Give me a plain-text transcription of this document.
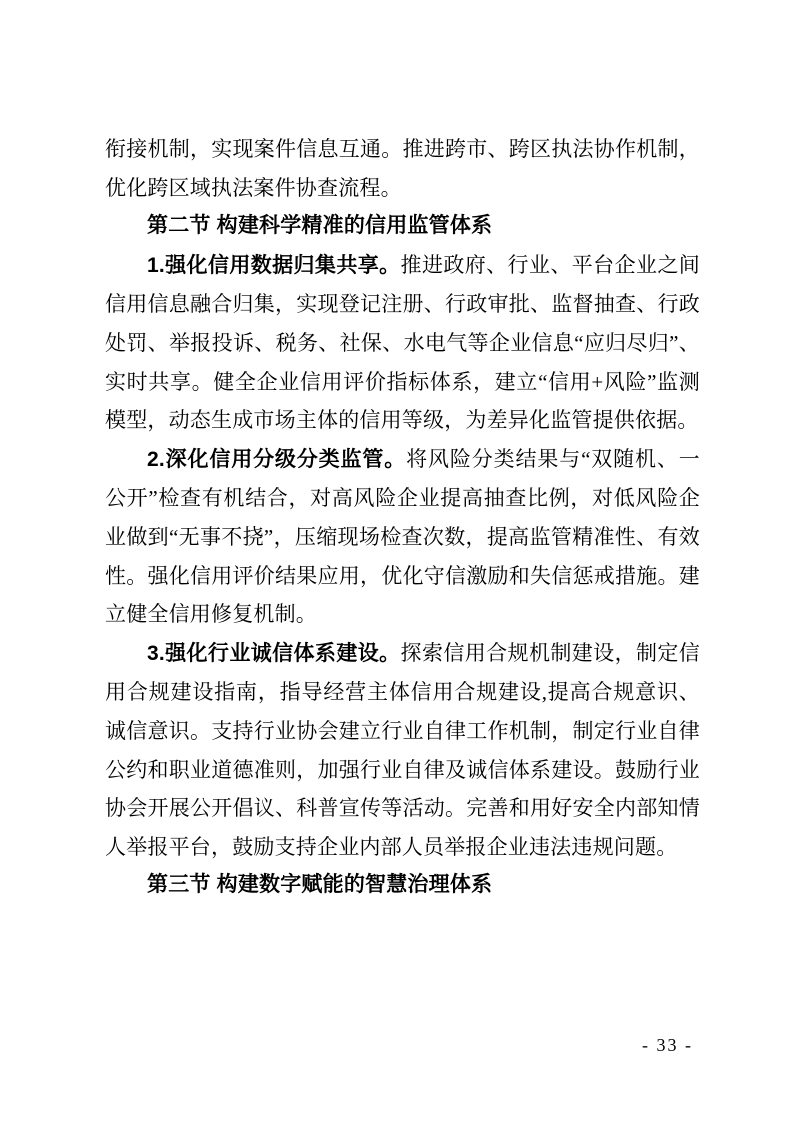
衔接机制，实现案件信息互通。推进跨市、跨区执法协作机制，优化跨区域执法案件协查流程。
第二节 构建科学精准的信用监管体系
1.强化信用数据归集共享。推进政府、行业、平台企业之间信用信息融合归集，实现登记注册、行政审批、监督抽查、行政处罚、举报投诉、税务、社保、水电气等企业信息“应归尽归”、实时共享。健全企业信用评价指标体系，建立“信用+风险”监测模型，动态生成市场主体的信用等级，为差异化监管提供依据。
2.深化信用分级分类监管。将风险分类结果与“双随机、一公开”检查有机结合，对高风险企业提高抽查比例，对低风险企业做到“无事不挠”，压缩现场检查次数，提高监管精准性、有效性。强化信用评价结果应用，优化守信激励和失信惩戒措施。建立健全信用修复机制。
3.强化行业诚信体系建设。探索信用合规机制建设，制定信用合规建设指南，指导经营主体信用合规建设,提高合规意识、诚信意识。支持行业协会建立行业自律工作机制，制定行业自律公约和职业道德准则，加强行业自律及诚信体系建设。鼓励行业协会开展公开倡议、科普宣传等活动。完善和用好安全内部知情人举报平台，鼓励支持企业内部人员举报企业违法违规问题。
第三节 构建数字赋能的智慧治理体系
- 33 -
